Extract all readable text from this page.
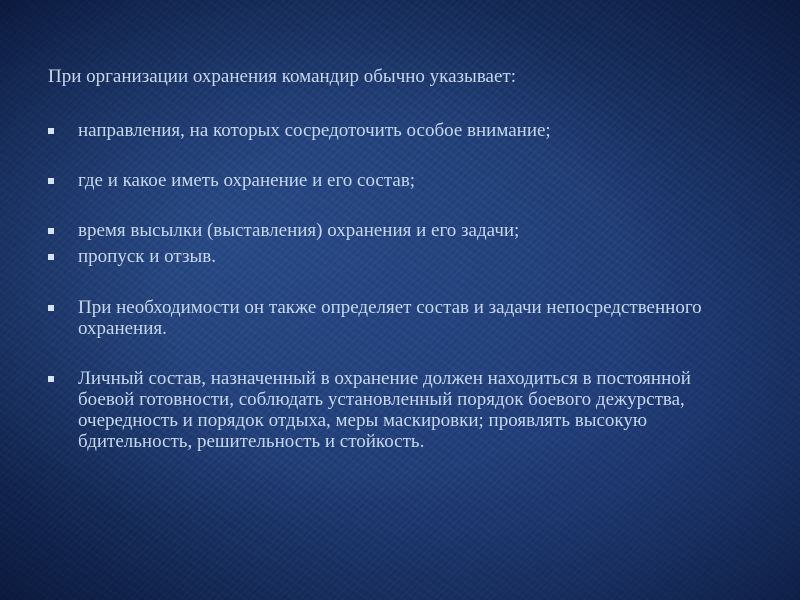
При организации охранения командир обычно указывает:

направления, на которых сосредоточить особое внимание;
где и какое иметь охранение и его состав;
время высылки (выставления) охранения и его задачи;
пропуск и отзыв.
При необходимости он также определяет состав и задачи непосредственного охранения.
Личный состав, назначенный в охранение должен находиться в постоянной боевой готовности, соблюдать установленный порядок боевого дежурства, очередность и порядок отдыха, меры маскировки; проявлять высокую бдительность, решительность и стойкость.
